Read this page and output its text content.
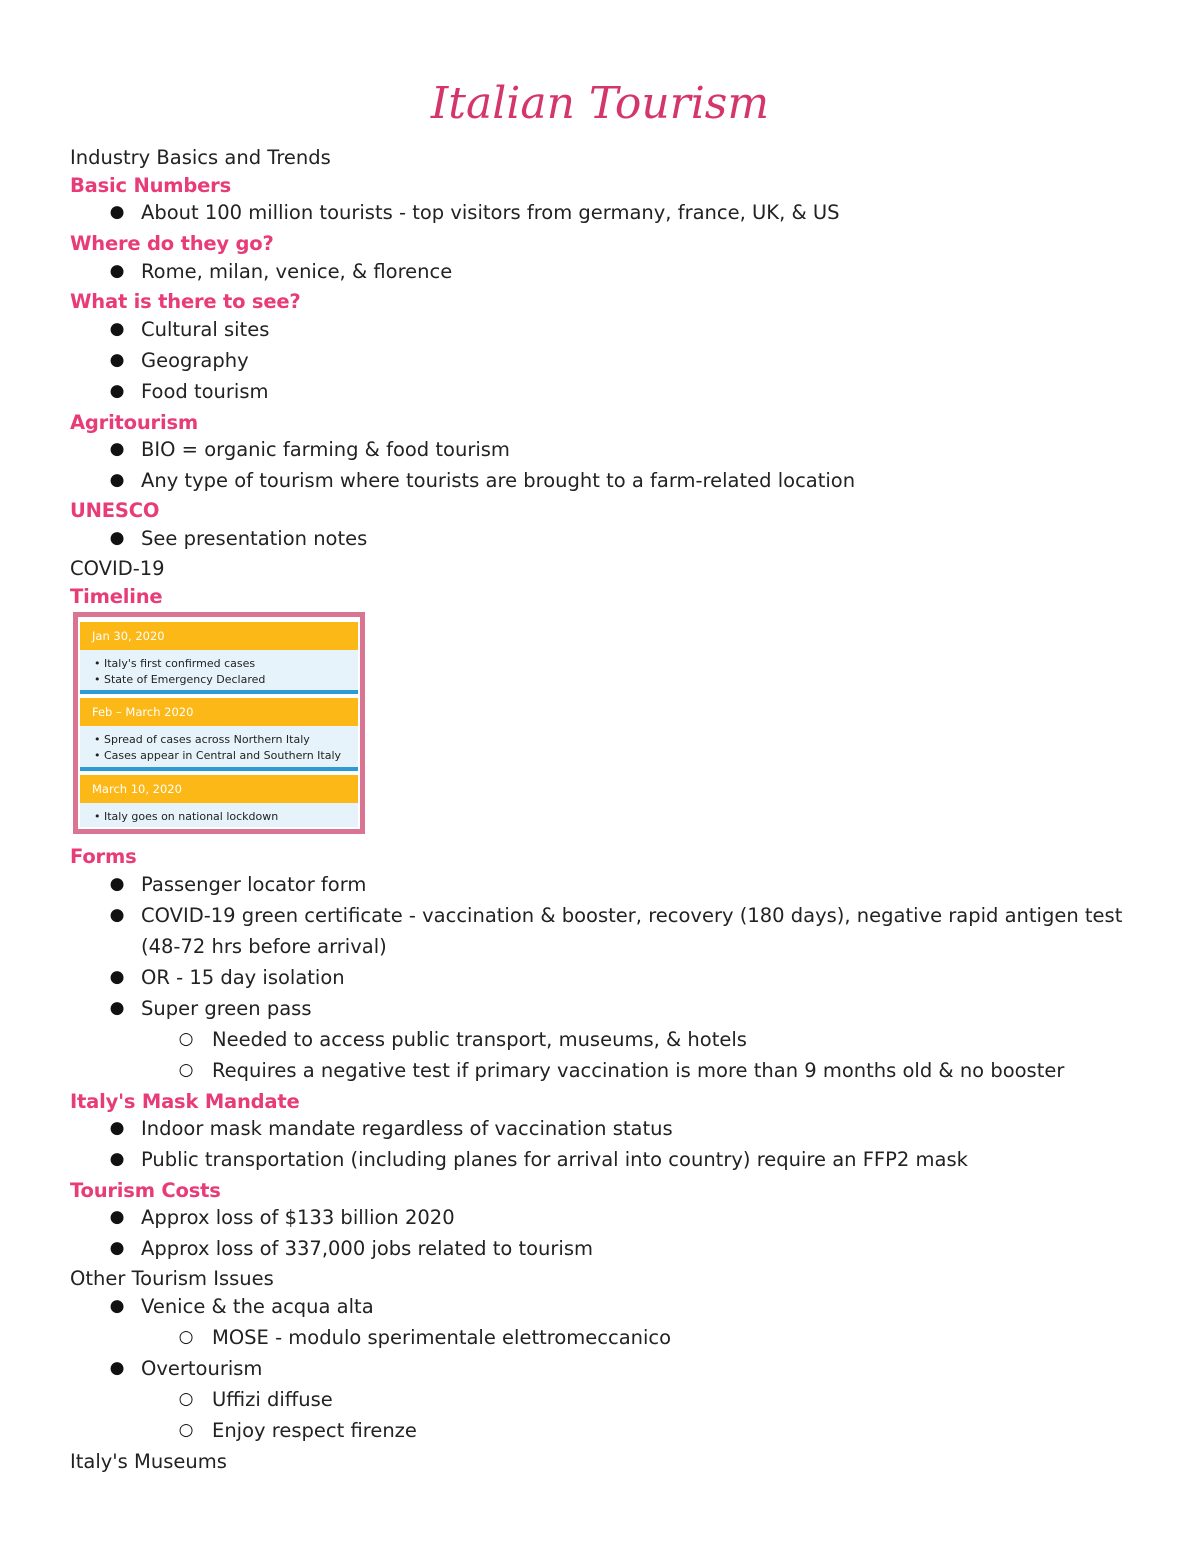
Italian Tourism
Industry Basics and Trends
Basic Numbers
● About 100 million tourists - top visitors from germany, france, UK, & US
Where do they go?
● Rome, milan, venice, & florence
What is there to see?
● Cultural sites
● Geography
● Food tourism
Agritourism
● BIO = organic farming & food tourism
● Any type of tourism where tourists are brought to a farm-related location
UNESCO
● See presentation notes
COVID-19
Timeline
Jan 30, 2020
• Italy's first confirmed cases
• State of Emergency Declared
Feb – March 2020
• Spread of cases across Northern Italy
• Cases appear in Central and Southern Italy
March 10, 2020
• Italy goes on national lockdown
Forms
● Passenger locator form
● COVID-19 green certificate - vaccination & booster, recovery (180 days), negative rapid antigen test
(48-72 hrs before arrival)
● OR - 15 day isolation
● Super green pass
○ Needed to access public transport, museums, & hotels
○ Requires a negative test if primary vaccination is more than 9 months old & no booster
Italy's Mask Mandate
● Indoor mask mandate regardless of vaccination status
● Public transportation (including planes for arrival into country) require an FFP2 mask
Tourism Costs
● Approx loss of $133 billion 2020
● Approx loss of 337,000 jobs related to tourism
Other Tourism Issues
● Venice & the acqua alta
○ MOSE - modulo sperimentale elettromeccanico
● Overtourism
○ Uffizi diffuse
○ Enjoy respect firenze
Italy's Museums
